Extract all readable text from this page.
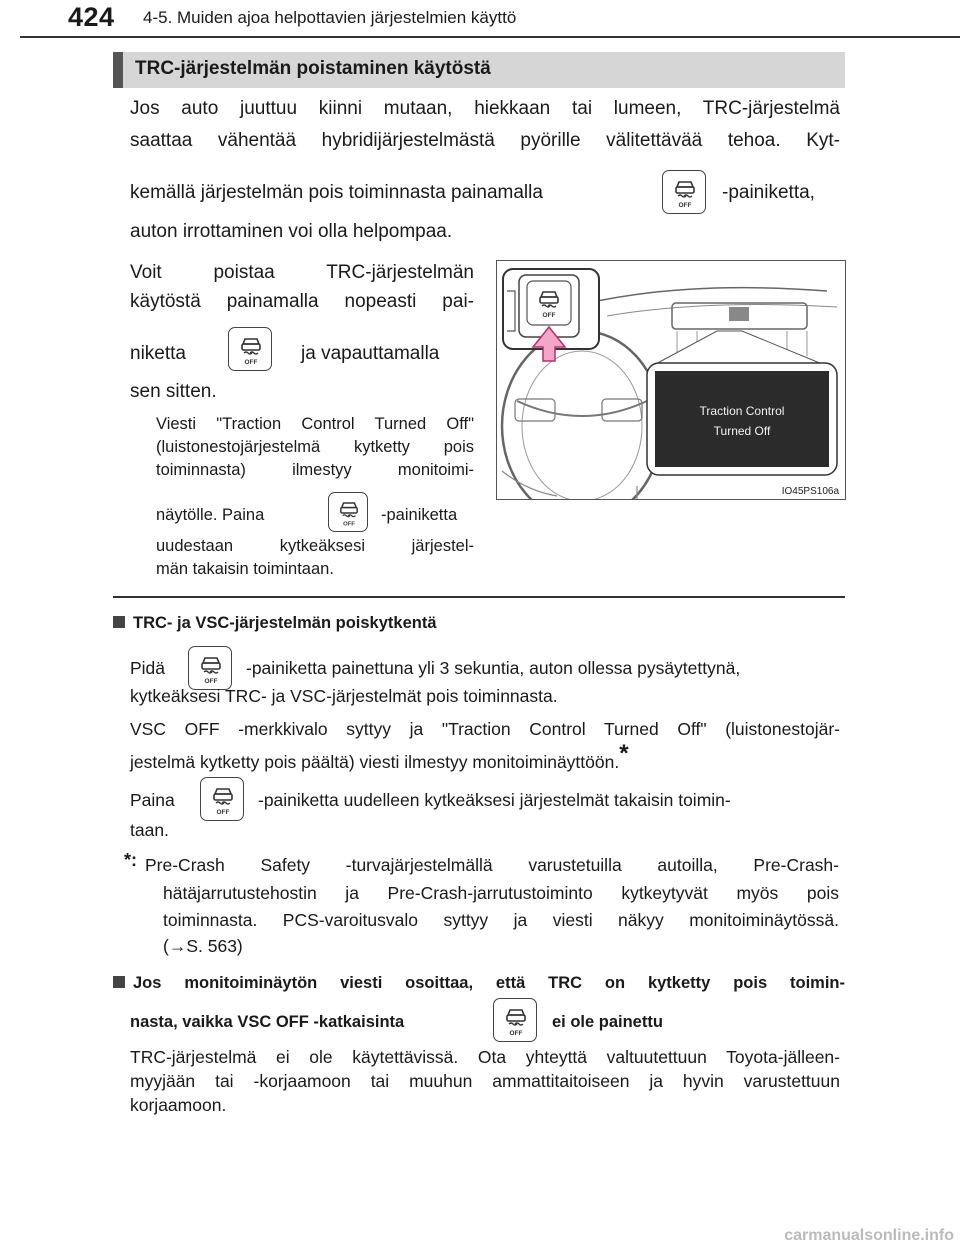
424 4-5. Muiden ajoa helpottavien järjestelmien käyttö
TRC-järjestelmän poistaminen käytöstä
Jos auto juuttuu kiinni mutaan, hiekkaan tai lumeen, TRC-järjestelmä
saattaa vähentää hybridijärjestelmästä pyörille välitettävää tehoa. Kyt-
kemällä järjestelmän pois toiminnasta painamalla	-painiketta,
auton irrottaminen voi olla helpompaa.
Voit poistaa TRC-järjestelmän
käytöstä painamalla nopeasti pai-
niketta	ja vapauttamalla
sen sitten.
Viesti "Traction Control Turned Off"
(luistonestojärjestelmä kytketty pois
toiminnasta) ilmestyy monitoimi-
näytölle. Paina	-painiketta
uudestaan kytkeäksesi järjestel-
män takaisin toimintaan.
Traction Control
Turned Off
IO45PS106a
TRC- ja VSC-järjestelmän poiskytkentä
Pidä	-painiketta painettuna yli 3 sekuntia, auton ollessa pysäytettynä,
kytkeäksesi TRC- ja VSC-järjestelmät pois toiminnasta.
VSC OFF -merkkivalo syttyy ja "Traction Control Turned Off" (luistonestojär-
jestelmä kytketty pois päältä) viesti ilmestyy monitoiminäyttöön.*
Paina	-painiketta uudelleen kytkeäksesi järjestelmät takaisin toimin-
taan.
*: Pre-Crash Safety -turvajärjestelmällä varustetuilla autoilla, Pre-Crash-
hätäjarrutustehostin ja Pre-Crash-jarrutustoiminto kytkeytyvät myös pois
toiminnasta. PCS-varoitusvalo syttyy ja viesti näkyy monitoiminäytössä.
(→S. 563)
Jos monitoiminäytön viesti osoittaa, että TRC on kytketty pois toimin-
nasta, vaikka VSC OFF -katkaisinta	ei ole painettu
TRC-järjestelmä ei ole käytettävissä. Ota yhteyttä valtuutettuun Toyota-jälleen-
myyjään tai -korjaamoon tai muuhun ammattitaitoiseen ja hyvin varustettuun
korjaamoon.
carmanualsonline.info
